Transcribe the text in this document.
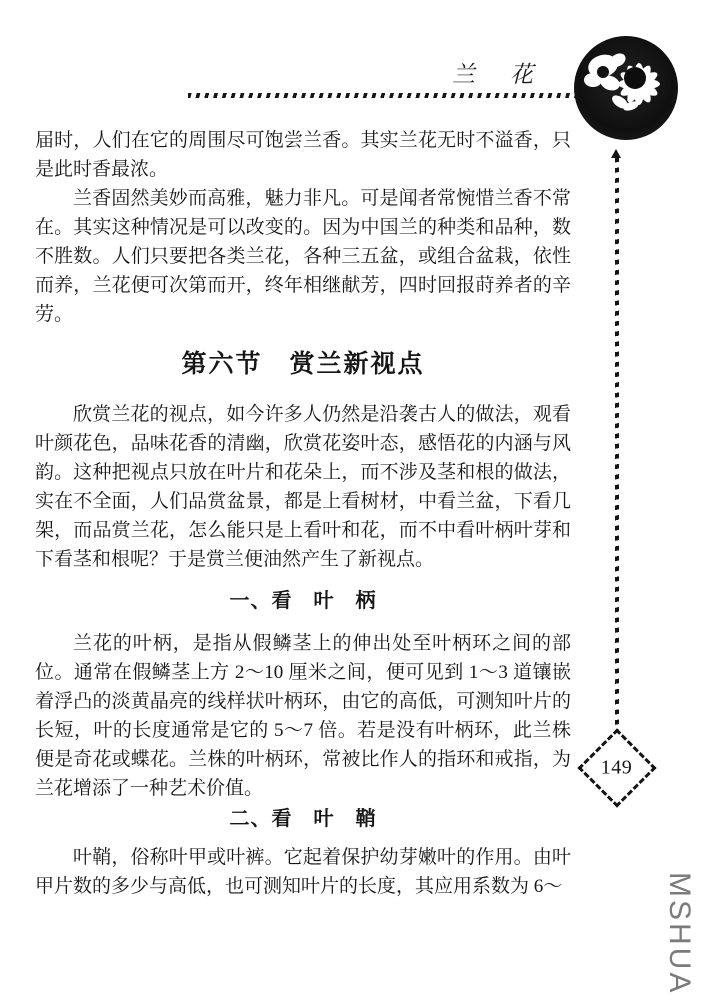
兰　花
149
MSHUA

届时，人们在它的周围尽可饱尝兰香。其实兰花无时不溢香，只是此时香最浓。

兰香固然美妙而高雅，魅力非凡。可是闻者常惋惜兰香不常在。其实这种情况是可以改变的。因为中国兰的种类和品种，数不胜数。人们只要把各类兰花，各种三五盆，或组合盆栽，依性而养，兰花便可次第而开，终年相继献芳，四时回报莳养者的辛劳。

第六节　赏兰新视点

欣赏兰花的视点，如今许多人仍然是沿袭古人的做法，观看叶颜花色，品味花香的清幽，欣赏花姿叶态，感悟花的内涵与风韵。这种把视点只放在叶片和花朵上，而不涉及茎和根的做法，实在不全面，人们品赏盆景，都是上看树材，中看兰盆，下看几架，而品赏兰花，怎么能只是上看叶和花，而不中看叶柄叶芽和下看茎和根呢？于是赏兰便油然产生了新视点。

一、看　叶　柄

兰花的叶柄，是指从假鳞茎上的伸出处至叶柄环之间的部位。通常在假鳞茎上方 2～10 厘米之间，便可见到 1～3 道镶嵌着浮凸的淡黄晶亮的线样状叶柄环，由它的高低，可测知叶片的长短，叶的长度通常是它的 5～7 倍。若是没有叶柄环，此兰株便是奇花或蝶花。兰株的叶柄环，常被比作人的指环和戒指，为兰花增添了一种艺术价值。

二、看　叶　鞘

叶鞘，俗称叶甲或叶裤。它起着保护幼芽嫩叶的作用。由叶甲片数的多少与高低，也可测知叶片的长度，其应用系数为 6～
